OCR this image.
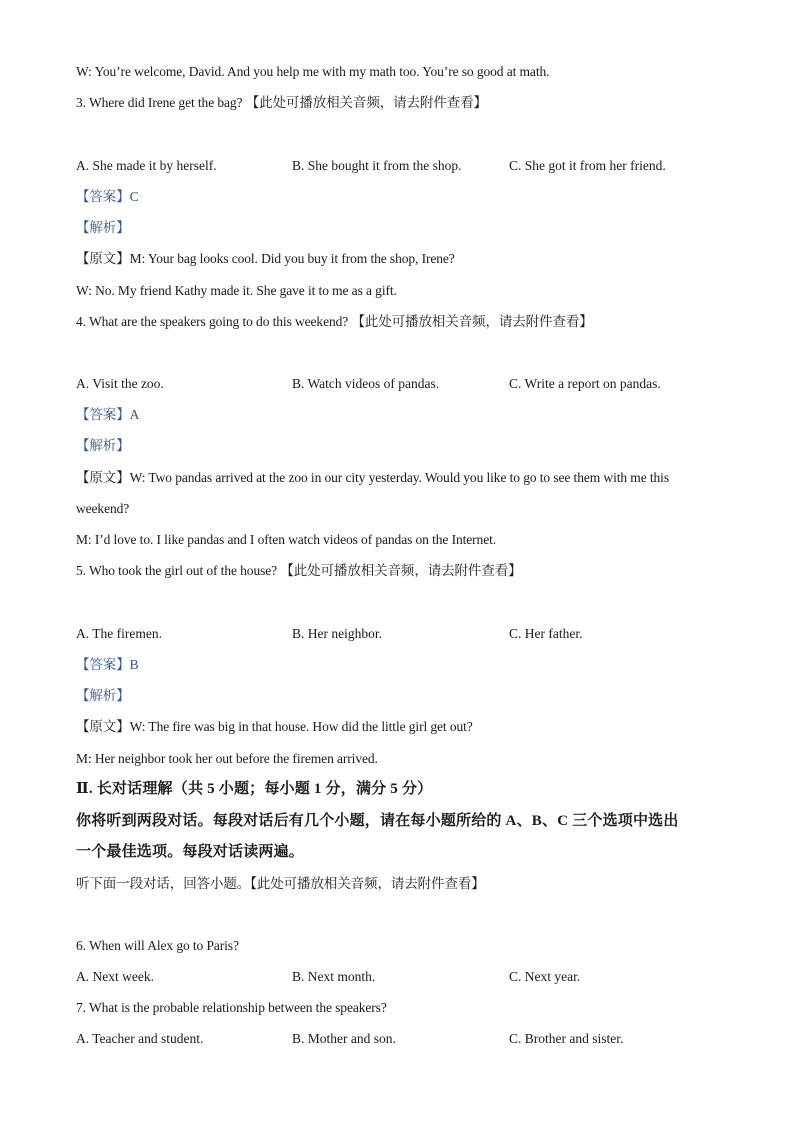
W: You’re welcome, David. And you help me with my math too. You’re so good at math.
3. Where did Irene get the bag? 【此处可播放相关音频，请去附件查看】
A. She made it by herself.	B. She bought it from the shop.	C. She got it from her friend.
【答案】C
【解析】
【原文】M: Your bag looks cool. Did you buy it from the shop, Irene?
W: No. My friend Kathy made it. She gave it to me as a gift.
4. What are the speakers going to do this weekend? 【此处可播放相关音频，请去附件查看】
A. Visit the zoo.	B. Watch videos of pandas.	C. Write a report on pandas.
【答案】A
【解析】
【原文】W: Two pandas arrived at the zoo in our city yesterday. Would you like to go to see them with me this
weekend?
M: I’d love to. I like pandas and I often watch videos of pandas on the Internet.
5. Who took the girl out of the house? 【此处可播放相关音频，请去附件查看】
A. The firemen.	B. Her neighbor.	C. Her father.
【答案】B
【解析】
【原文】W: The fire was big in that house. How did the little girl get out?
M: Her neighbor took her out before the firemen arrived.
Ⅱ. 长对话理解（共 5 小题；每小题 1 分，满分 5 分）
你将听到两段对话。每段对话后有几个小题，请在每小题所给的 A、B、C 三个选项中选出
一个最佳选项。每段对话读两遍。
听下面一段对话，回答小题。【此处可播放相关音频，请去附件查看】
6. When will Alex go to Paris?
A. Next week.	B. Next month.	C. Next year.
7. What is the probable relationship between the speakers?
A. Teacher and student.	B. Mother and son.	C. Brother and sister.
